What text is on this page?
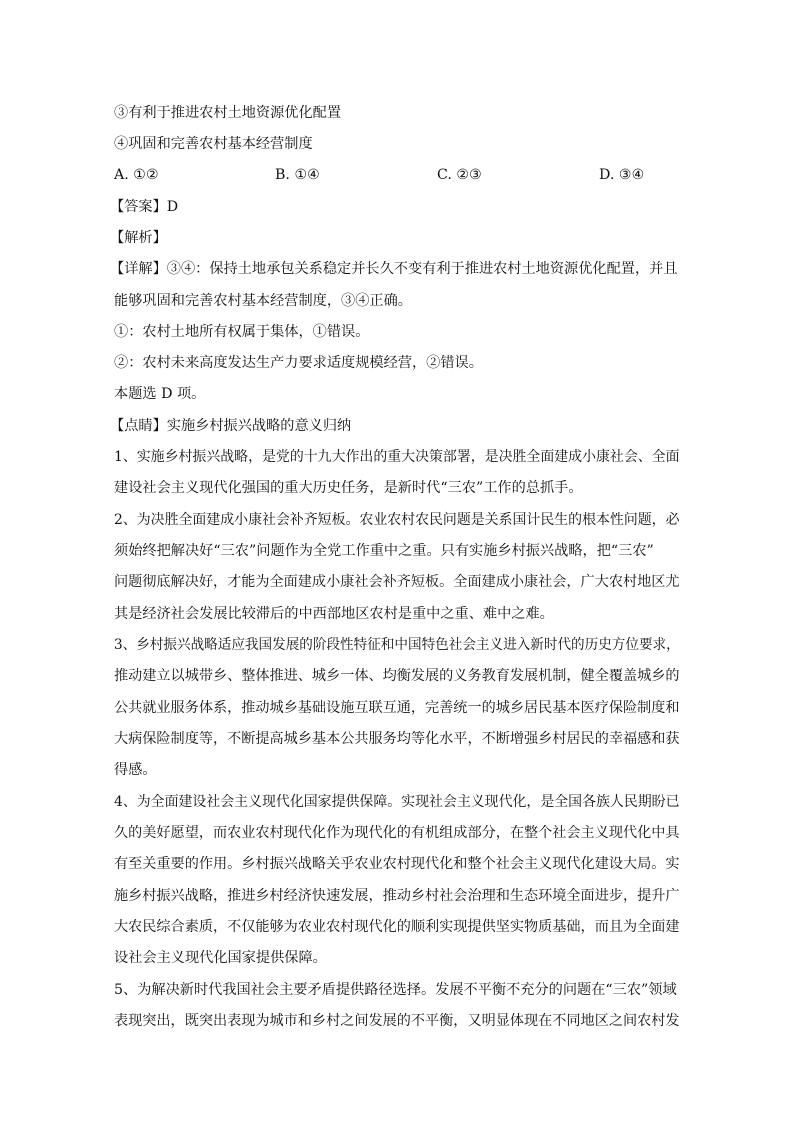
③有利于推进农村土地资源优化配置
④巩固和完善农村基本经营制度
A. ①②	B. ①④	C. ②③	D. ③④
【答案】D
【解析】
【详解】③④：保持土地承包关系稳定并长久不变有利于推进农村土地资源优化配置，并且
能够巩固和完善农村基本经营制度，③④正确。
①：农村土地所有权属于集体，①错误。
②：农村未来高度发达生产力要求适度规模经营，②错误。
本题选 D 项。
【点睛】实施乡村振兴战略的意义归纳
1、实施乡村振兴战略，是党的十九大作出的重大决策部署，是决胜全面建成小康社会、全面
建设社会主义现代化强国的重大历史任务，是新时代“三农”工作的总抓手。
2、为决胜全面建成小康社会补齐短板。农业农村农民问题是关系国计民生的根本性问题，必
须始终把解决好“三农”问题作为全党工作重中之重。只有实施乡村振兴战略，把“三农”
问题彻底解决好，才能为全面建成小康社会补齐短板。全面建成小康社会，广大农村地区尤
其是经济社会发展比较滞后的中西部地区农村是重中之重、难中之难。
3、乡村振兴战略适应我国发展的阶段性特征和中国特色社会主义进入新时代的历史方位要求，
推动建立以城带乡、整体推进、城乡一体、均衡发展的义务教育发展机制，健全覆盖城乡的
公共就业服务体系，推动城乡基础设施互联互通，完善统一的城乡居民基本医疗保险制度和
大病保险制度等，不断提高城乡基本公共服务均等化水平，不断增强乡村居民的幸福感和获
得感。
4、为全面建设社会主义现代化国家提供保障。实现社会主义现代化，是全国各族人民期盼已
久的美好愿望，而农业农村现代化作为现代化的有机组成部分，在整个社会主义现代化中具
有至关重要的作用。乡村振兴战略关乎农业农村现代化和整个社会主义现代化建设大局。实
施乡村振兴战略，推进乡村经济快速发展，推动乡村社会治理和生态环境全面进步，提升广
大农民综合素质，不仅能够为农业农村现代化的顺利实现提供坚实物质基础，而且为全面建
设社会主义现代化国家提供保障。
5、为解决新时代我国社会主要矛盾提供路径选择。发展不平衡不充分的问题在“三农”领域
表现突出，既突出表现为城市和乡村之间发展的不平衡，又明显体现在不同地区之间农村发
